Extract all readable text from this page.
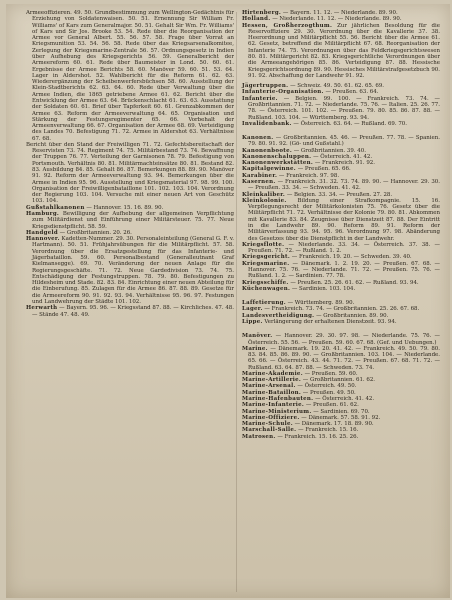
Armeeoffizieren. 49. 50. Grundbestimmung zum Wellington-Gedächtnis für Erziehung von Soldatenwaisen. 50. 51. Ernennung Sir William Fr. Williams' of Kars zum Generalmajor. 50. 51. Gehalt Sir Wm. Fr. Williams' of Kars und Sir Jos. Brooke 53. 54. Rede über die Reorganisation der Armee vor General Albert. 55. 56. 57. 58. Frage über Vorrat an Kriegsmunition 53. 54. 56. 58. Rede über das Kriegsarsenalkomitee, Zerlegung der Kriegsmarine-Zentrale 56. 57. Ordnungsgesetz in Indien über Aufhebung des Kriegsgerichts 56. 59. Generalbericht der Armeereform 60. 61. Rede über Baumeister in Lond. 50. 60. 61. Ergebnisse der Armee Berichts 58. 60. Manöver 59. 60. 51. 53. 64. Lager in Aldershot. 52. Wahlbericht für die Reform 61. 62. 63. Wiederergänzung der Scheibenwerfersbüchsen 58. 60. Ausstellung der Klein-Stadtberichts 62. 63. 64. 60. Rede über Verwaltung über die Armee Indien, die 1865 getriebene Armee 61. 62. Bericht über die Entwicklung der Armee 63. 64. Brückenschlacht 61. 63. 63. Ausstattung der Soldaten 60. 61. Brief über Tapferkeit 60. 61. Grenzabkommen der Armee 63. Reform der Armeeverwaltung 64. 65. Organisation und Stärkung der Festungsregimenter 65. 66. Vorbehalt der Armeenverwaltung 66. 67. Organisation der Armee 68. 69. Verteidigung des Landes 70. Befestigung 71. 72. Armee in Aldershot 63. Verhältnisse 67. 68.

Bericht über den Stand der Freiwilligen 71. 72. Gefechtsbereitschaft der Reservisten 73. 74. Regiment 74. 75. Militärbestand 73. 74. Bewaffnung der Truppen 76. 77. Verteilung der Garnisonen 78. 79. Befestigung von Portsmouth. Verhältnis 80. 81. Militärmachteinsätze 80. 81. Bestand 82. 83. Ausbildung 84. 85. Gehalt 86. 87. Bemerkungen 88. 89. 90. Manöver 91. 92. Reform der Armeeverwaltung 93. 94. Bemerkungen über die Armee in Indien 95. 96. Ausstellung und Kriegsmaterial 97. 98. 99. 100. Organisation der Freiwilligenbataillone 101. 102. 103. 104. Verordnung der Regierung 103. 104. Versuche mit einer neuen Art von Geschütz 103. 104.

Gußstahlkanonen — Hannover. 15. 16. 89. 90.

Hamburg. Bewilligung der Aufhebung der allgemeinen Verpflichtung zum Militärdienst und Einführung einer Militärsteuer. 75. 77. Neue Kriegsdienstpflicht. 58. 59.

Handgeld — Großbritannien. 20. 26.

Hannover. Kadetten-Nummer. 29. 30. Personaleinteilung (General G. F. v. Hartmann). 50. 51. Frühjahrsübungen für die Militärpflicht. 57. 58. Verordnung über die Ersatzgestellung für das Infanterie- und Jägerbataillon. 59. 60. Personalbestand (Generalleutnant Graf Kielmansegge). 69. 70. Veränderung der neuen Anlage für die Regierungsgeschäfte. 71. 72. Neue Gardedivision 73. 74. 75. Entschädigung der Festungstruppen. 78. 79. 80. Befestigungen zu Hildesheim und Stade. 82. 83. 84. Einrichtung einer neuen Abteilung für die Einberufung. 85. Zulagen für die Armee 86. 87. 88. 89. Gesetze für die Armeereform 90. 91. 92. 93. 94. Verhältnisse 95. 96. 97. Festungen und Landwehrung der Städte 101. 102.

Herwarth — Bayern. 95. 96. — Kriegsstand 87. 88. — Kirchliches. 47. 48. — Stände 47. 48. 49.

Hirtenberg. — Bayern. 11. 12. — Niederlande. 89. 90.

Holland. — Niederlande. 11. 12. — Niederlande. 89. 90.

Hessen, Großherzogthum. Zur jährlichen Besoldung für die Reservoffiziere 29. 30. Verordnung über die Kavallerie 37. 38. Heerordnung und Militärpflicht 55. 56. Bericht über die Armee 61. 62. Gesetz, betreffend die Militärpflicht 67. 68. Reorganisation der Infanterie 74. 75. Verordnungen über das Feldkriegsgerichtswesen 80. 81. Militärgericht 82. 83. Kriegsgerichtliche Verordnungen über die Armeeangehörigen 85. 86. Verteidigung 87. 88. Hessische Kriegsgerichtsordnung 89. 90. Hessisches Militärstrafgesetzbuch 90. 91. 92. Abschaffung der Landwehr 91. 92.

Jägertruppen. — Schweiz. 49. 50. 61. 62. 65. 69.

Infanterie-Organisation. — Preußen. 63. 64.

Infanterie. — Belgien. 99. 100. — Frankreich. 73. 74. — Großbritannien. 71. 72. — Niederlande. 75. 76. — Italien. 25. 26. 77. 78. — Österreich. 101. 102. — Preußen. 79. 80. 85. 86. 87. 88. — Rußland. 103. 104. — Württemberg. 93. 94.

Invalidenbank. — Österreich. 63. 64. — Rußland. 69. 70.

Kanonen. — Großbritannien. 45. 46. — Preußen. 77. 78. — Spanien. 79. 80. 91. 92. (Gö- und Gußstahl.)

Kanonenboote. — Großbritannien. 39. 40.

Kanonenschaluppen. — Österreich. 41. 42.

Kanonenwerkstätten. — Frankreich. 91. 92.

Kapitalgewinne. — Preußen. 65. 66.

Karabiner. — Frankreich. 97. 98.

Kasernen. — Frankreich. 31. 32. 73. 74. 89. 90. — Hannover. 29. 30. — Preußen. 33. 34. — Schweden. 41. 42.

Kleinkaliber. — Belgien. 33. 34. — Preußen. 27. 28.

Kleinkolonie. Bildung einer Strafkompagnie. 15. 16. Verpflegungsrecht der Militärkolonisten 75. 76. Gesetz über die Militärpflicht 71. 72. Verhältnisse der Kolonie 79. 80. 81. Abkommen mit Kavallerie 83. 84. Zeugnisse über Dienstzeit 87. 88. Der Eintritt in die Landwehr 89. 90. Reform 89. 91. Reform der Militärverfassung 93. 94. 95. 96. Verordnung 97. 98. Abänderung des Gesetzes über die Dienstpflicht in der Landwehr.

Kriegsflotte. — Niederlande. 33. 34. — Österreich. 37. 38. — Preußen. 71. 72. — Rußland. 1. 2.

Kriegsgericht. — Frankreich. 19. 20. — Schweden. 39. 40.

Kriegsmarine. — Dänemark. 1. 2. 19. 20. — Preußen. 67. 68. — Hannover. 75. 76. — Niederlande. 71. 72. — Preußen. 75. 76. — Rußland. 1. 2. — Sardinien. 77. 78.

Kriegsschiffe. — Preußen. 25. 26. 61. 62. — Rußland. 93. 94.

Küchenwagen. — Sardinien. 103. 104.

Laffetierung. — Württemberg. 89. 90.

Lager. — Frankreich. 73. 74. — Großbritannien. 25. 26. 67. 68.

Landesvertheidigung. — Großbritannien. 89. 90.

Lippe. Verlängerung der erhaltenen Dienstzeit. 93. 94.

Manöver. — Hannover. 29. 30. 97. 98. — Niederlande. 75. 76. — Österreich. 55. 56. — Preußen. 59. 60. 67. 68. (Gef. und Uebungen.)

Marine. — Dänemark. 19. 20. 41. 42. — Frankreich. 49. 50. 79. 80. 83. 84. 85. 86. 89. 90. — Großbritannien. 103. 104. — Niederlande. 65. 66. — Österreich. 43. 44. 71. 72. — Preußen. 67. 68. 71. 72. — Rußland. 63. 64. 87. 88. — Schweden. 73. 74.

Marine-Akademie. — Preußen. 59. 60.

Marine-Artillerie. — Großbritannien. 61. 62.

Marine-Arsenal. — Österreich. 49. 50.

Marine-Bataillon. — Preußen. 49. 50.

Marine-Hafenbauten. — Österreich. 41. 42.

Marine-Infanterie. — Preußen. 61. 62.

Marine-Ministerium. — Sardinien. 69. 70.

Marine-Offiziere. — Dänemark. 57. 58. 91. 92.

Marine-Schule. — Dänemark. 17. 18. 89. 90.

Marschall-Salle. — Frankreich. 15. 16.

Matrosen. — Frankreich. 15. 16. 25. 26.
